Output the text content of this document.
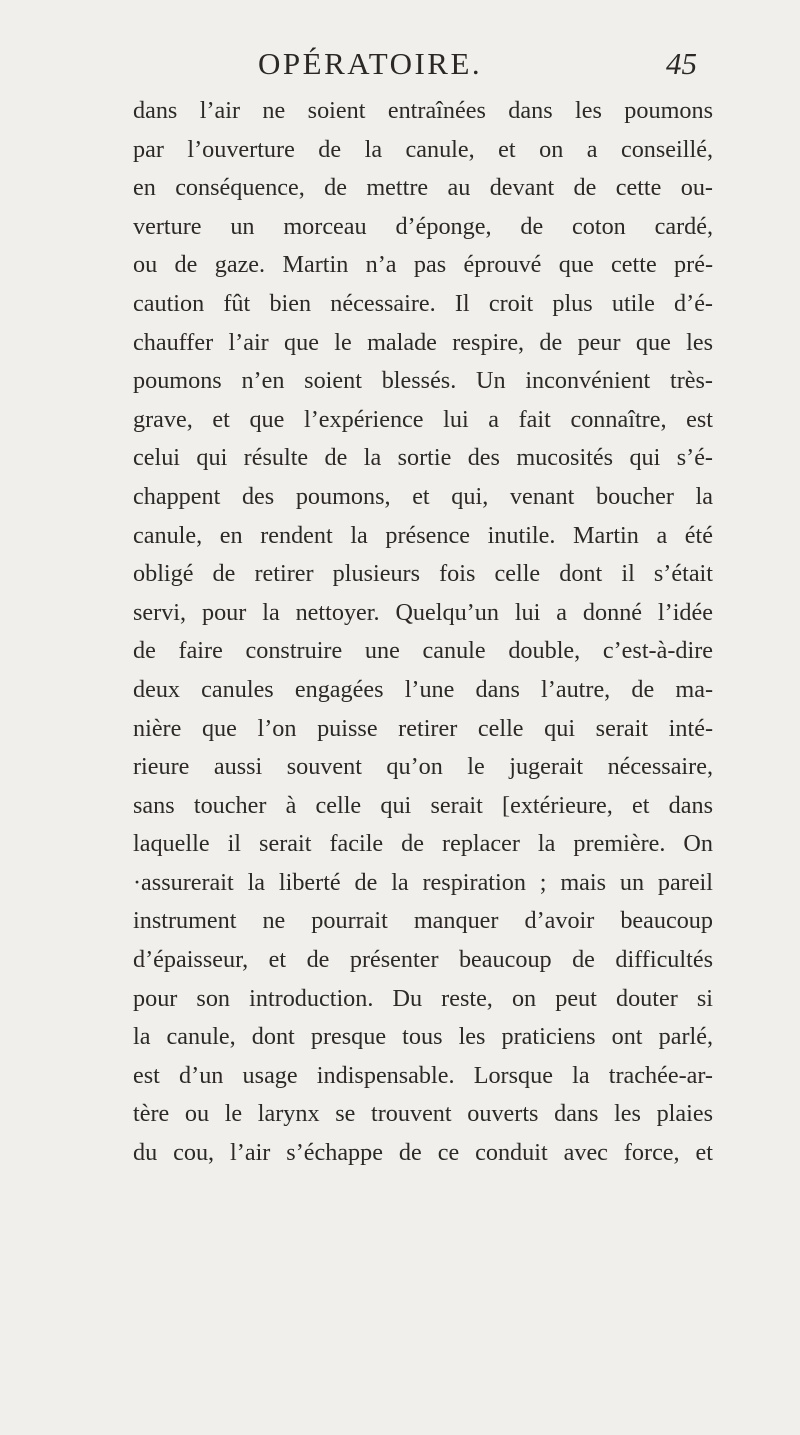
OPÉRATOIRE.	45
dans l’air ne soient entraînées dans les poumons
par l’ouverture de la canule, et on a conseillé,
en conséquence, de mettre au devant de cette ou-
verture un morceau d’éponge, de coton cardé,
ou de gaze. Martin n’a pas éprouvé que cette pré-
caution fût bien nécessaire. Il croit plus utile d’é-
chauffer l’air que le malade respire, de peur que les
poumons n’en soient blessés. Un inconvénient très-
grave, et que l’expérience lui a fait connaître, est
celui qui résulte de la sortie des mucosités qui s’é-
chappent des poumons, et qui, venant boucher la
canule, en rendent la présence inutile. Martin a été
obligé de retirer plusieurs fois celle dont il s’était
servi, pour la nettoyer. Quelqu’un lui a donné l’idée
de faire construire une canule double, c’est-à-dire
deux canules engagées l’une dans l’autre, de ma-
nière que l’on puisse retirer celle qui serait inté-
rieure aussi souvent qu’on le jugerait nécessaire,
sans toucher à celle qui serait [extérieure, et dans
laquelle il serait facile de replacer la première. On
·assurerait la liberté de la respiration ; mais un pareil
instrument ne pourrait manquer d’avoir beaucoup
d’épaisseur, et de présenter beaucoup de difficultés
pour son introduction. Du reste, on peut douter si
la canule, dont presque tous les praticiens ont parlé,
est d’un usage indispensable. Lorsque la trachée-ar-
tère ou le larynx se trouvent ouverts dans les plaies
du cou, l’air s’échappe de ce conduit avec force, et
